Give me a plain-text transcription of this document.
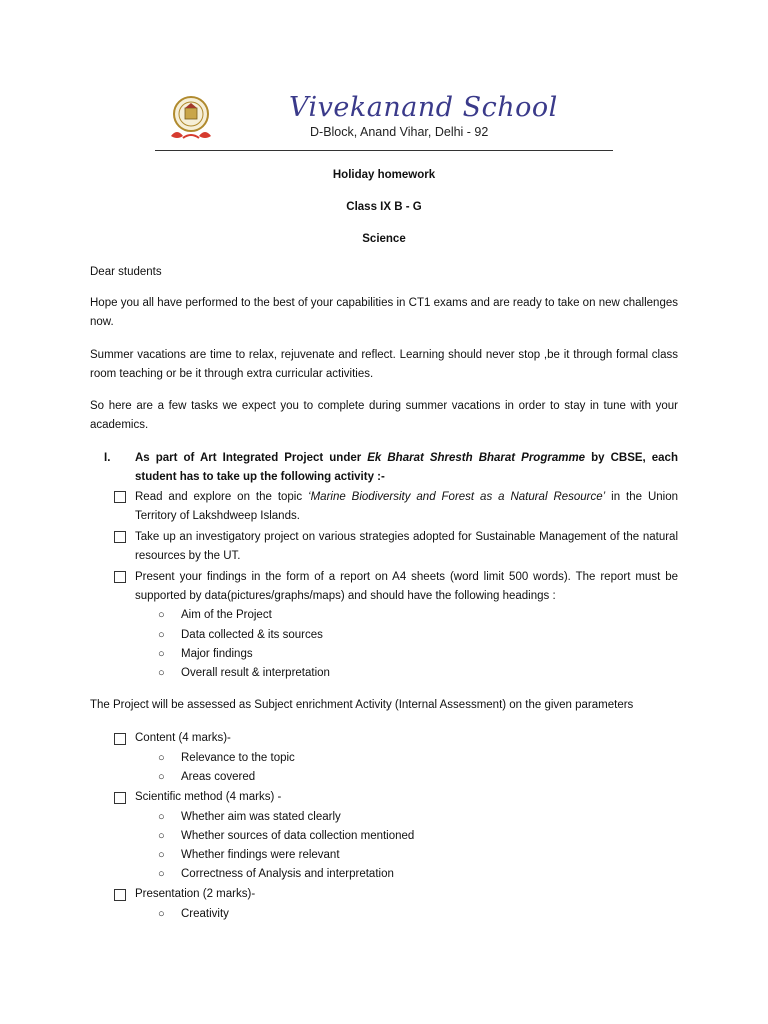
Vivekanand School
D-Block, Anand Vihar, Delhi - 92
Holiday homework
Class IX B - G
Science
Dear students
Hope you all have performed to the best of your capabilities in CT1 exams and are ready to take on new challenges now.
Summer vacations are time to relax, rejuvenate and reflect. Learning should never stop ,be it through formal class room teaching or be it through extra curricular activities.
So here are a few tasks we expect you to complete during summer vacations in order to stay in tune with your academics.
I. As part of Art Integrated Project under Ek Bharat Shresth Bharat Programme by CBSE, each student has to take up the following activity :-
Read and explore on the topic ‘Marine Biodiversity and Forest as a Natural Resource’ in the Union Territory of Lakshdweep Islands.
Take up an investigatory project on various strategies adopted for Sustainable Management of the natural resources by the UT.
Present your findings in the form of a report on A4 sheets (word limit 500 words). The report must be supported by data(pictures/graphs/maps) and should have the following headings :
○ Aim of the Project
○ Data collected & its sources
○ Major findings
○ Overall result & interpretation
The Project will be assessed as Subject enrichment Activity (Internal Assessment) on the given parameters
Content (4 marks)-
○ Relevance to the topic
○ Areas covered
Scientific method (4 marks) -
○ Whether aim was stated clearly
○ Whether sources of data collection mentioned
○ Whether findings were relevant
○ Correctness of Analysis and interpretation
Presentation (2 marks)-
○ Creativity
